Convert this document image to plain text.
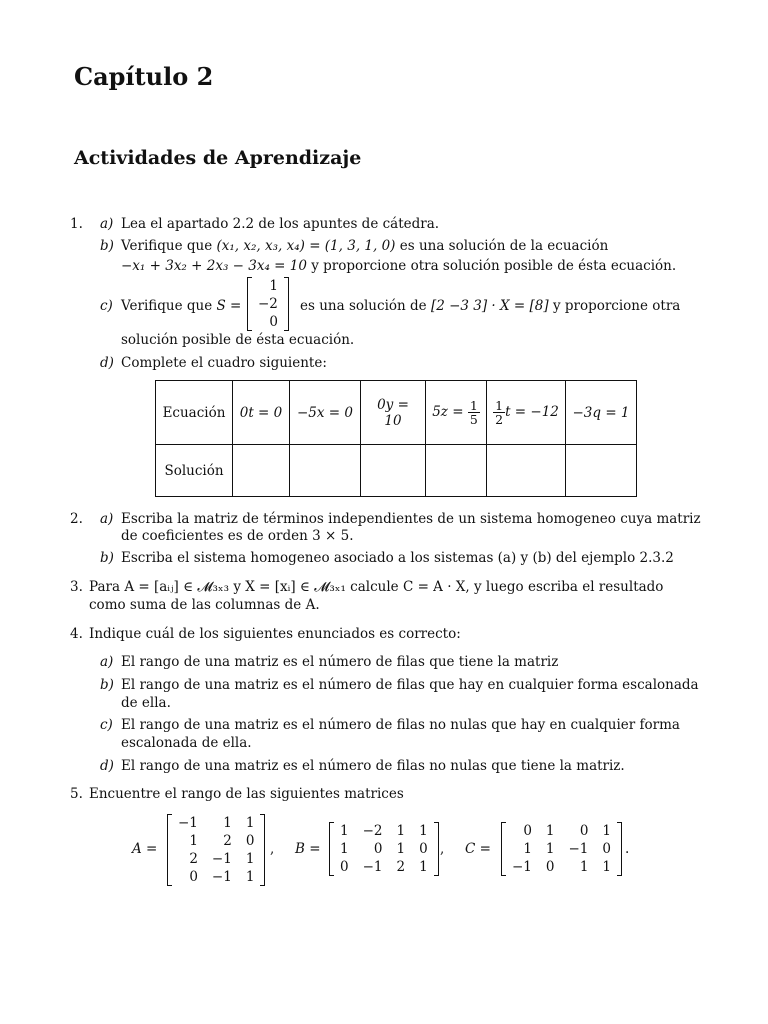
Capítulo 2
Actividades de Aprendizaje
1. a) Lea el apartado 2.2 de los apuntes de cátedra.
b) Verifique que (x₁, x₂, x₃, x₄) = (1, 3, 1, 0) es una solución de la ecuación
−x₁ + 3x₂ + 2x₃ − 3x₄ = 10 y proporcione otra solución posible de ésta ecuación.
c) Verifique que S =
1
−2
0
es una solución de [2 −3 3] · X = [8] y proporcione otra
solución posible de ésta ecuación.
d) Complete el cuadro siguiente:
Ecuación	0t = 0	−5x = 0	0y = 10	$5z = \frac{1}{5}$	$\frac{1}{2}$ t = −12	−3q = 1
Solución						
2. a) Escriba la matriz de términos independientes de un sistema homogeneo cuya matriz
de coeficientes es de orden 3 × 5.
b) Escriba el sistema homogeneo asociado a los sistemas (a) y (b) del ejemplo 2.3.2
3. Para A = [aᵢⱼ] ∈ 𝓜₃ₓ₃ y X = [xᵢ] ∈ 𝓜₃ₓ₁ calcule C = A · X, y luego escriba el resultado
como suma de las columnas de A.
4. Indique cuál de los siguientes enunciados es correcto:
a) El rango de una matriz es el número de filas que tiene la matriz
b) El rango de una matriz es el número de filas que hay en cualquier forma escalonada
de ella.
c) El rango de una matriz es el número de filas no nulas que hay en cualquier forma
escalonada de ella.
d) El rango de una matriz es el número de filas no nulas que tiene la matriz.
5. Encuentre el rango de las siguientes matrices
A =
−1	1 1
1	2 0
2 −1 1
0 −1 1
, B =
1 −2 1 1
1	0 1 0
0 −1 2 1
, C =
0 1	0 1
1 1 −1 0
−1 0	1 1
.
